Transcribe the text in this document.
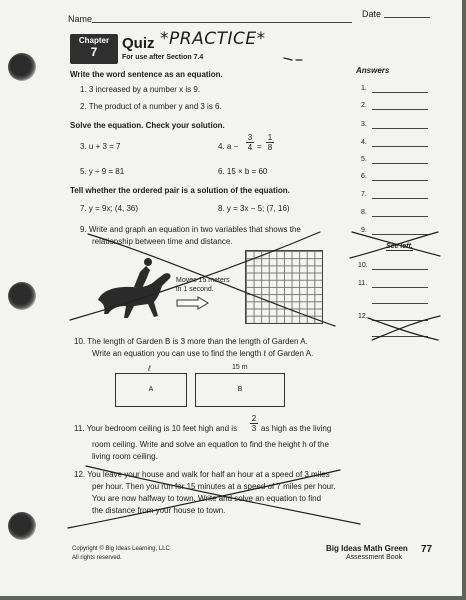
Name	Date
Chapter
7	Quiz *PRACTICE*
For use after Section 7.4
Answers
Write the word sentence as an equation.
1. 3 increased by a number x is 9.
2. The product of a number y and 3 is 6.
Solve the equation. Check your solution.
3. u + 3 = 7	4. $a - \frac{3}{4} = \frac{1}{8}$
5. y ÷ 9 = 81	6. 15 × b = 60
Tell whether the ordered pair is a solution of the equation.
7. y = 9x; (4, 36)	8. y = 3x − 5; (7, 16)
9. Write and graph an equation in two variables that shows the
relationship between time and distance.
Moves 15 meters
in 1 second.
10. The length of Garden B is 3 more than the length of Garden A.
Write an equation you can use to find the length ℓ of Garden A.
ℓ	15 m
A	B
11. Your bedroom ceiling is 10 feet high and is $\frac{2}{3}$ as high as the living
room ceiling. Write and solve an equation to find the height h of the
living room ceiling.
12. You leave your house and walk for half an hour at a speed of 3 miles
per hour. Then you run for 15 minutes at a speed of 7 miles per hour.
You are now halfway to town. Write and solve an equation to find
the distance from your house to town.
1.
2.
3.
4.
5.
6.
7.
8.
9.
See left.
10.
11.
12.
Copyright © Big Ideas Learning, LLC
All rights reserved.
Big Ideas Math Green
Assessment Book
77
